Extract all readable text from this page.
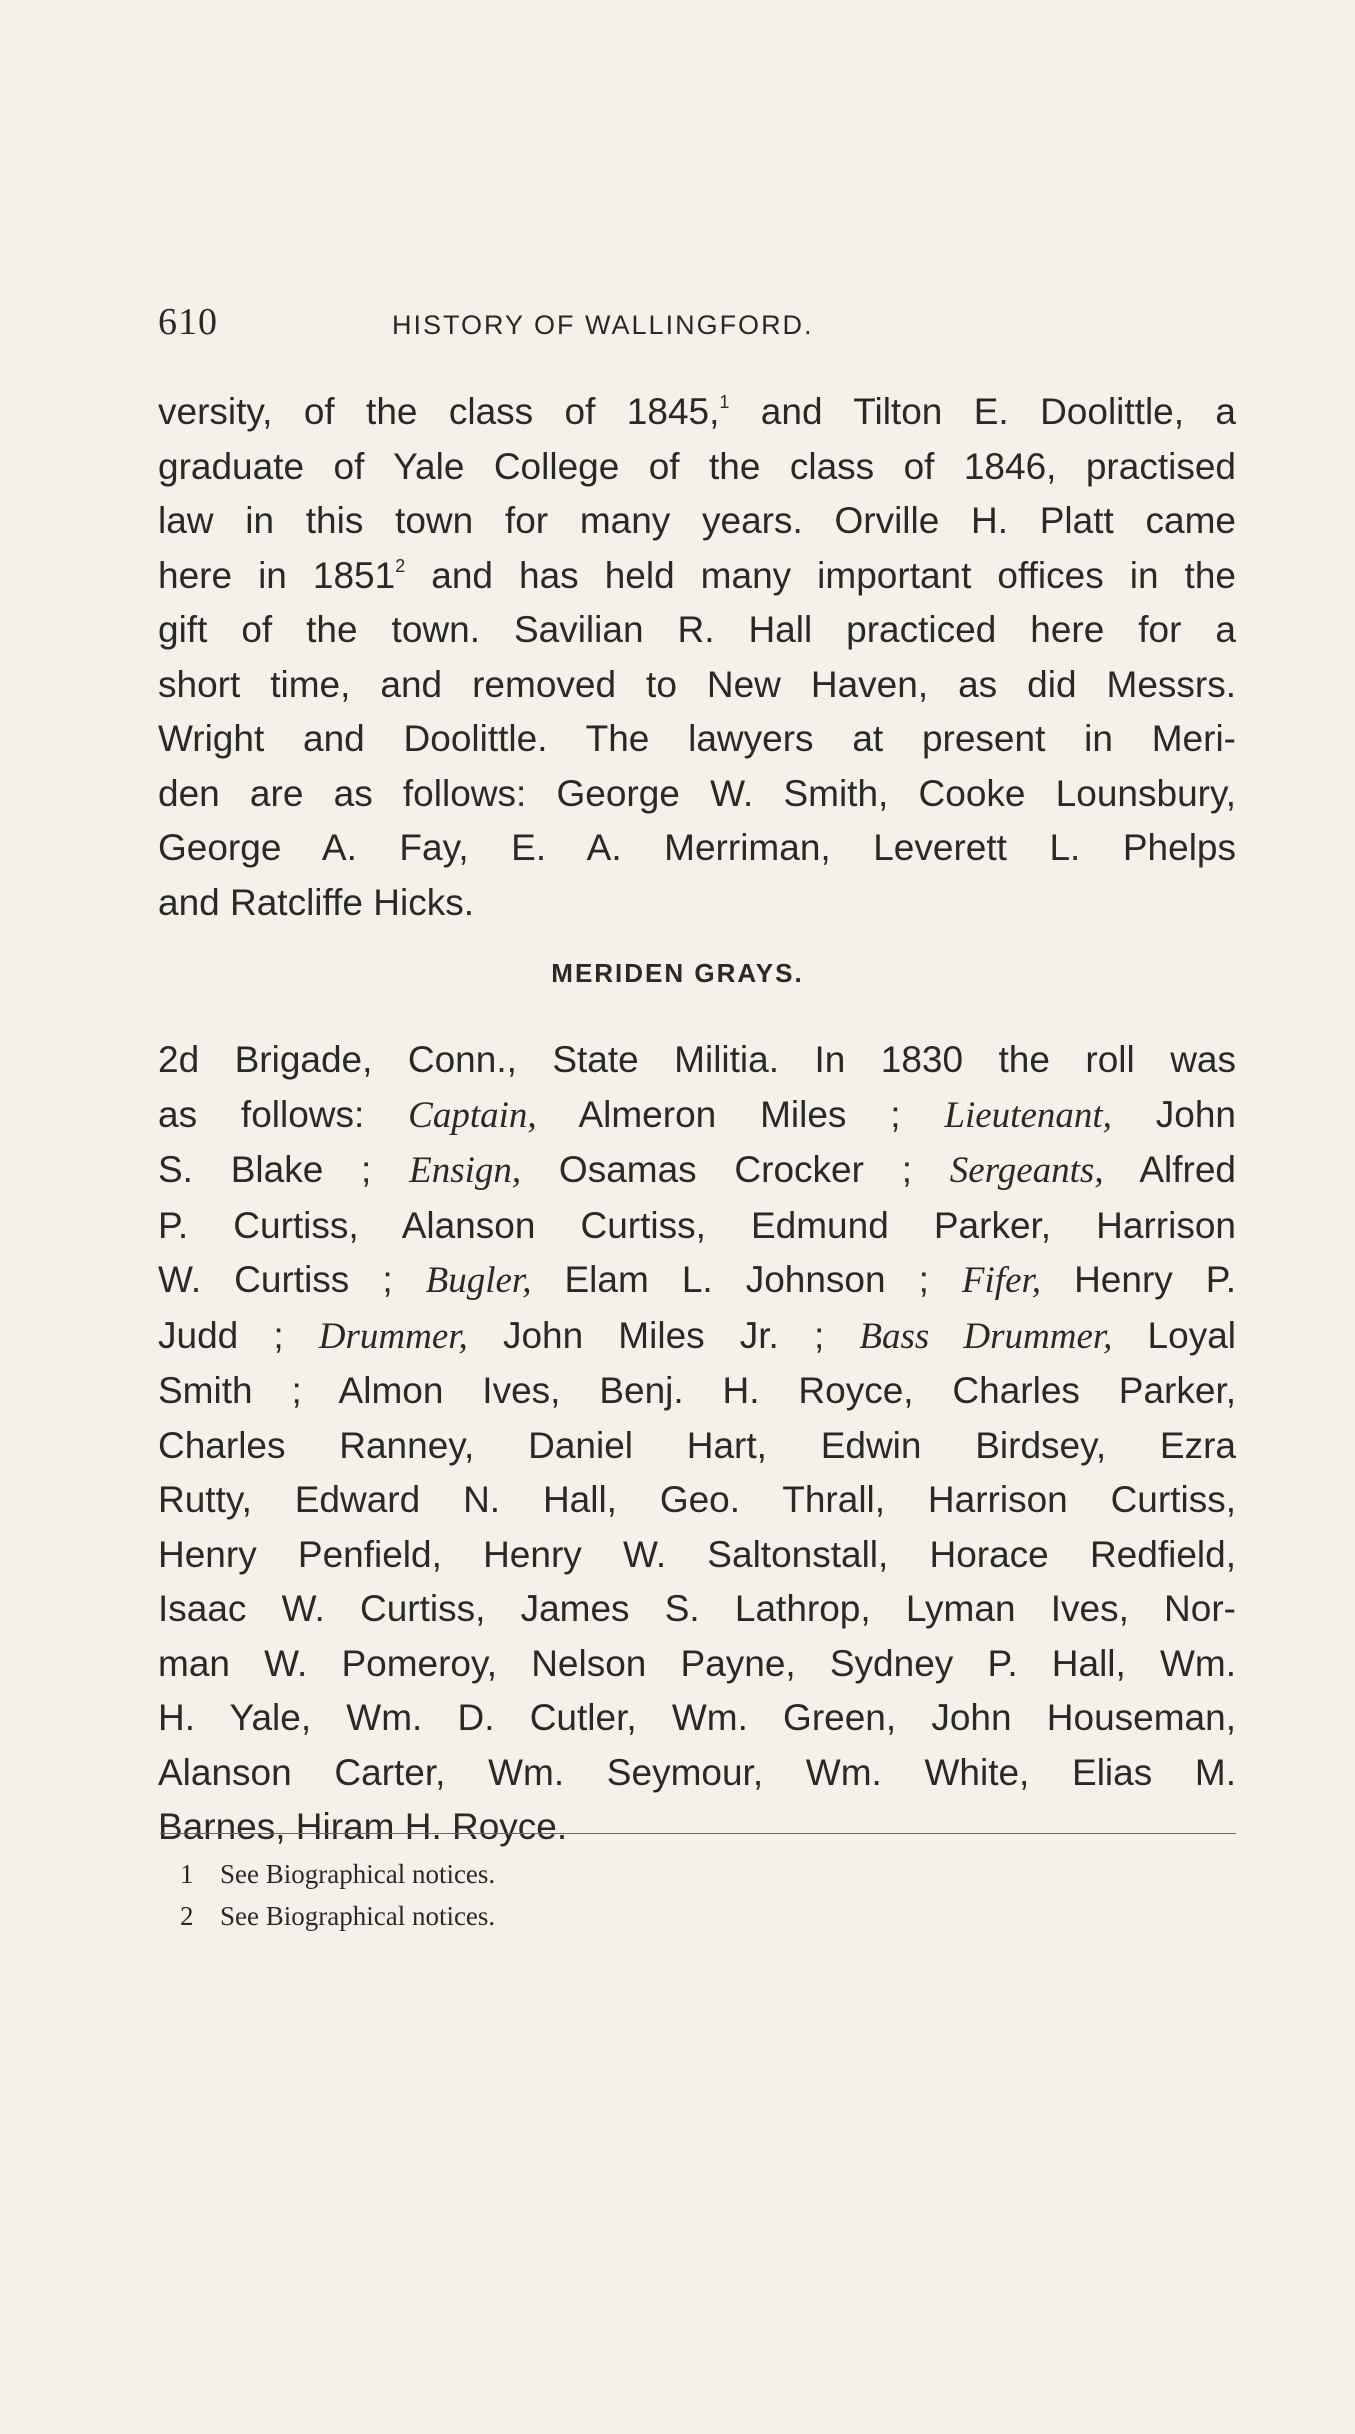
610	HISTORY OF WALLINGFORD.

versity, of the class of 1845,$^1$ and Tilton E. Doolittle, a
graduate of Yale College of the class of 1846, practised
law in this town for many years. Orville H. Platt came
here in 1851$^2$ and has held many important offices in the
gift of the town. Savilian R. Hall practiced here for a
short time, and removed to New Haven, as did Messrs.
Wright and Doolittle. The lawyers at present in Meri-
den are as follows: George W. Smith, Cooke Lounsbury,
George A. Fay, E. A. Merriman, Leverett L. Phelps
and Ratcliffe Hicks.

MERIDEN GRAYS.

2d Brigade, Conn., State Militia. In 1830 the roll was
as follows: Captain, Almeron Miles ; Lieutenant, John
S. Blake ; Ensign, Osamas Crocker ; Sergeants, Alfred
P. Curtiss, Alanson Curtiss, Edmund Parker, Harrison
W. Curtiss ; Bugler, Elam L. Johnson ; Fifer, Henry P.
Judd ; Drummer, John Miles Jr. ; Bass Drummer, Loyal
Smith ; Almon Ives, Benj. H. Royce, Charles Parker,
Charles Ranney, Daniel Hart, Edwin Birdsey, Ezra
Rutty, Edward N. Hall, Geo. Thrall, Harrison Curtiss,
Henry Penfield, Henry W. Saltonstall, Horace Redfield,
Isaac W. Curtiss, James S. Lathrop, Lyman Ives, Nor-
man W. Pomeroy, Nelson Payne, Sydney P. Hall, Wm.
H. Yale, Wm. D. Cutler, Wm. Green, John Houseman,
Alanson Carter, Wm. Seymour, Wm. White, Elias M.
Barnes, Hiram H. Royce.

1 See Biographical notices.
2 See Biographical notices.
